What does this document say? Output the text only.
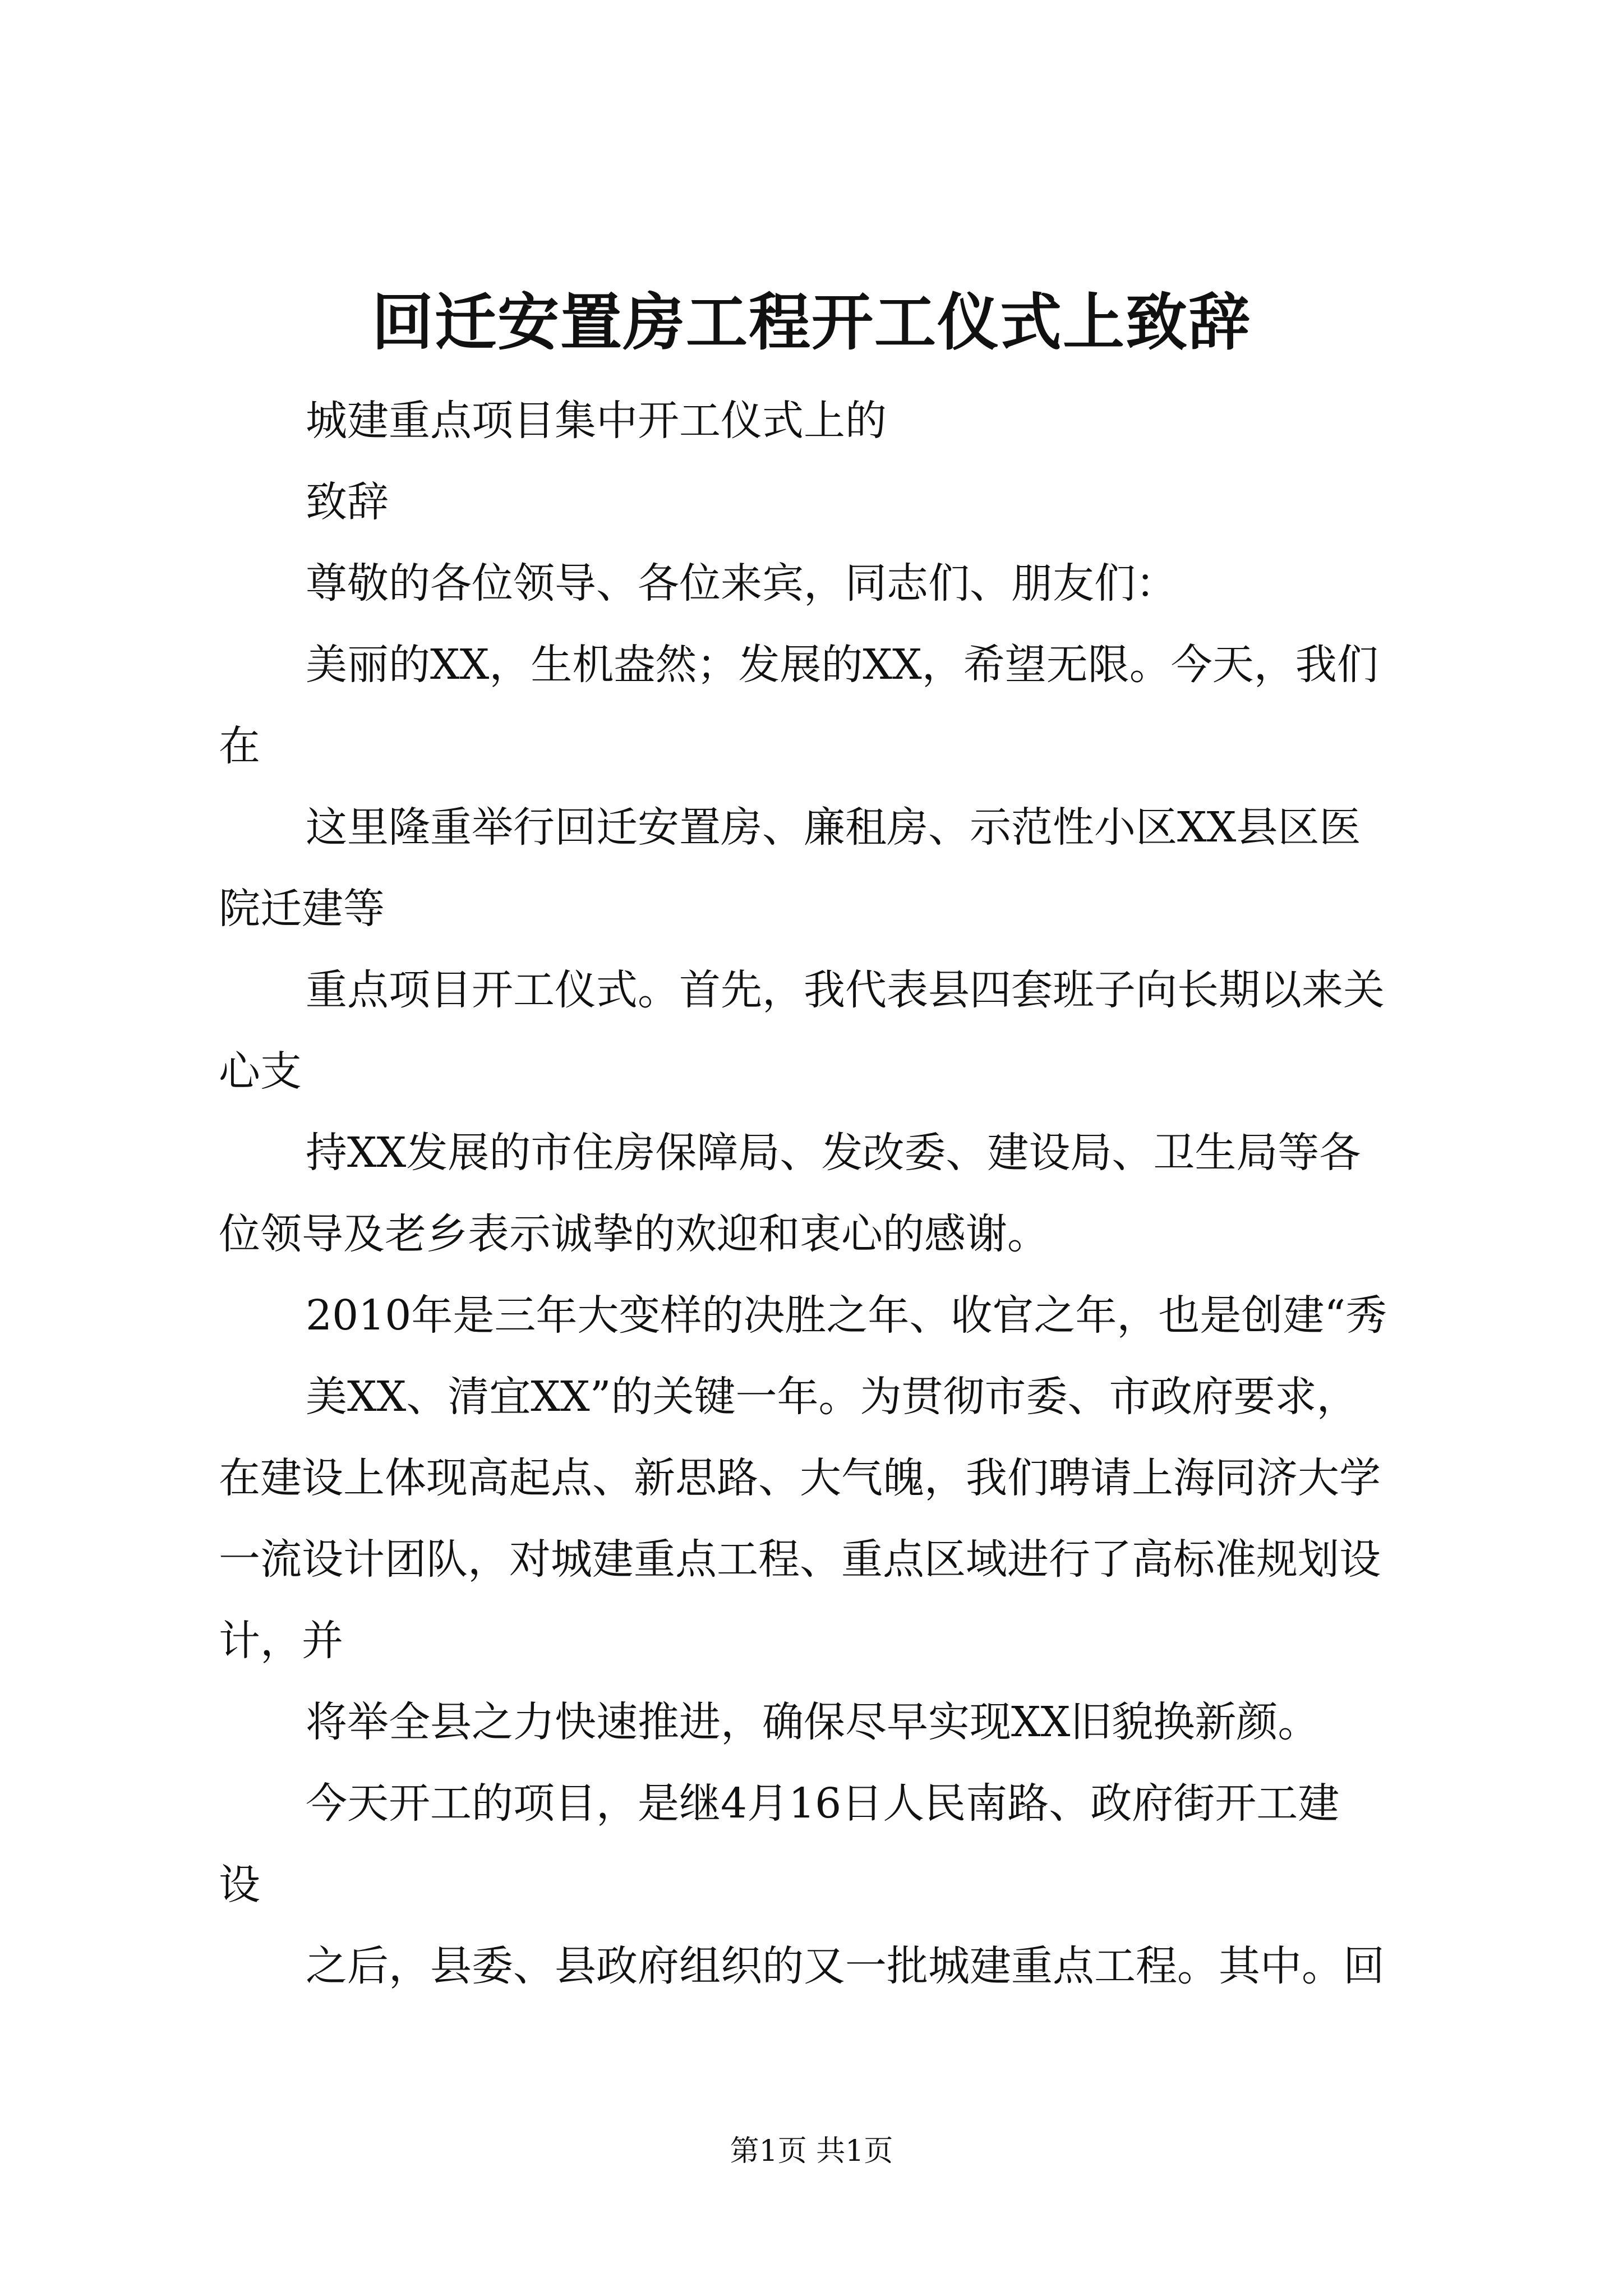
回迁安置房工程开工仪式上致辞

城建重点项目集中开工仪式上的

致辞

尊敬的各位领导、各位来宾，同志们、朋友们：

美丽的XX，生机盎然；发展的XX，希望无限。今天，我们

在

这里隆重举行回迁安置房、廉租房、示范性小区XX县区医

院迁建等

重点项目开工仪式。首先，我代表县四套班子向长期以来关

心支

持XX发展的市住房保障局、发改委、建设局、卫生局等各

位领导及老乡表示诚挚的欢迎和衷心的感谢。

2010年是三年大变样的决胜之年、收官之年，也是创建“秀

美XX、清宜XX”的关键一年。为贯彻市委、市政府要求，

在建设上体现高起点、新思路、大气魄，我们聘请上海同济大学

一流设计团队，对城建重点工程、重点区域进行了高标准规划设

计，并

将举全县之力快速推进，确保尽早实现XX旧貌换新颜。

今天开工的项目，是继4月16日人民南路、政府街开工建

设

之后，县委、县政府组织的又一批城建重点工程。其中。回

第1页 共1页
